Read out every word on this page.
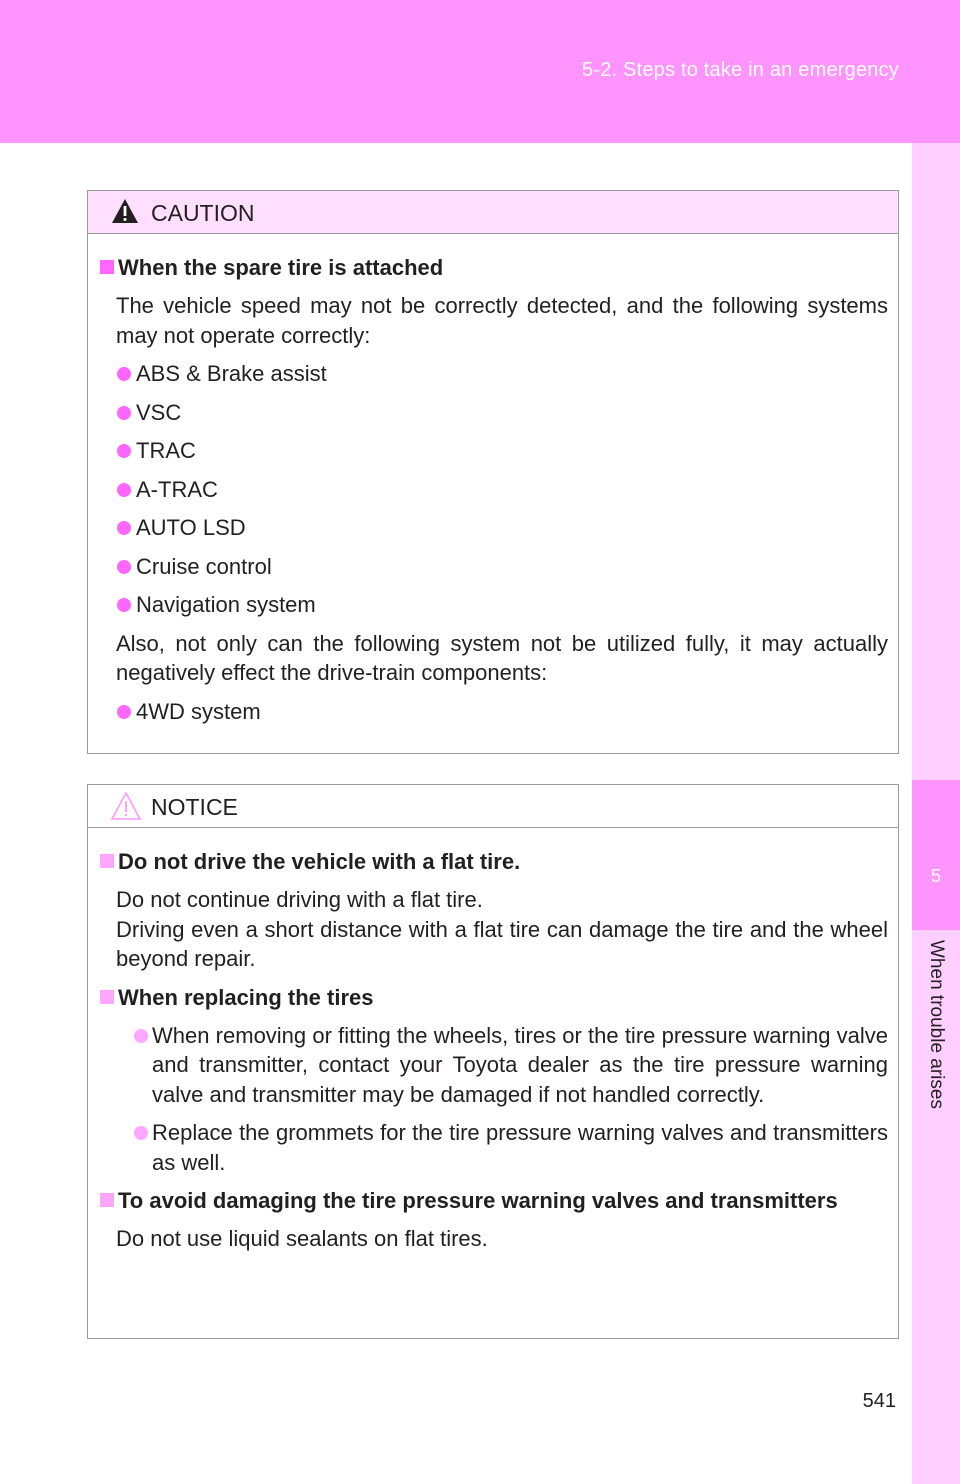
5-2. Steps to take in an emergency
5
When trouble arises
CAUTION
When the spare tire is attached
The vehicle speed may not be correctly detected, and the following systems may not operate correctly:
ABS & Brake assist
VSC
TRAC
A-TRAC
AUTO LSD
Cruise control
Navigation system
Also, not only can the following system not be utilized fully, it may actually negatively effect the drive-train components:
4WD system
NOTICE
Do not drive the vehicle with a flat tire.
Do not continue driving with a flat tire.
Driving even a short distance with a flat tire can damage the tire and the wheel beyond repair.
When replacing the tires
When removing or fitting the wheels, tires or the tire pressure warning valve and transmitter, contact your Toyota dealer as the tire pressure warning valve and transmitter may be damaged if not handled correctly.
Replace the grommets for the tire pressure warning valves and transmitters as well.
To avoid damaging the tire pressure warning valves and transmitters
Do not use liquid sealants on flat tires.
541
